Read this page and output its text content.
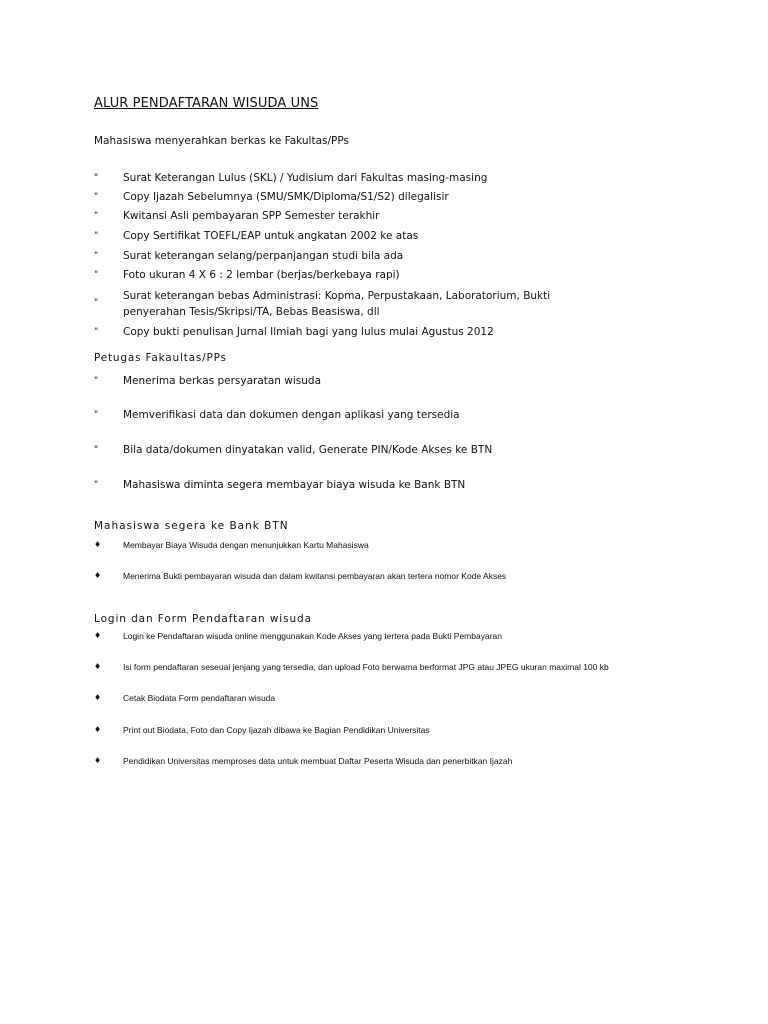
ALUR PENDAFTARAN WISUDA UNS
Mahasiswa menyerahkan berkas ke Fakultas/PPs
" Surat Keterangan Lulus (SKL) / Yudisium dari Fakultas masing-masing
" Copy Ijazah Sebelumnya (SMU/SMK/Diploma/S1/S2) dilegalisir
" Kwitansi Asli pembayaran SPP Semester terakhir
" Copy Sertifikat TOEFL/EAP untuk angkatan 2002 ke atas
" Surat keterangan selang/perpanjangan studi bila ada
" Foto ukuran 4 X 6 : 2 lembar (berjas/berkebaya rapi)
"
Surat keterangan bebas Administrasi: Kopma, Perpustakaan, Laboratorium, Bukti penyerahan Tesis/Skripsi/TA, Bebas Beasiswa, dll
" Copy bukti penulisan Jurnal Ilmiah bagi yang lulus mulai Agustus 2012
Petugas Fakaultas/PPs
" Menerima berkas persyaratan wisuda
" Memverifikasi data dan dokumen dengan aplikasi yang tersedia
" Bila data/dokumen dinyatakan valid, Generate PIN/Kode Akses ke BTN
" Mahasiswa diminta segera membayar biaya wisuda ke Bank BTN
Mahasiswa segera ke Bank BTN
♦	Membayar Biaya Wisuda dengan menunjukkan Kartu Mahasiswa
♦	Menerima Bukti pembayaran wisuda dan dalam kwitansi pembayaran akan tertera nomor Kode Akses
Login dan Form Pendaftaran wisuda
♦	Login ke Pendaftaran wisuda online menggunakan Kode Akses yang tertera pada Bukti Pembayaran
♦	Isi form pendaftaran seseuai jenjang yang tersedia, dan upload Foto berwarna berformat JPG atau JPEG ukuran maximal 100 kb
♦	Cetak Biodata Form pendaftaran wisuda
♦	Print out Biodata, Foto dan Copy Ijazah dibawa ke Bagian Pendidikan Universitas
♦	Pendidikan Universitas memproses data untuk membuat Daftar Peserta Wisuda dan penerbitkan Ijazah
